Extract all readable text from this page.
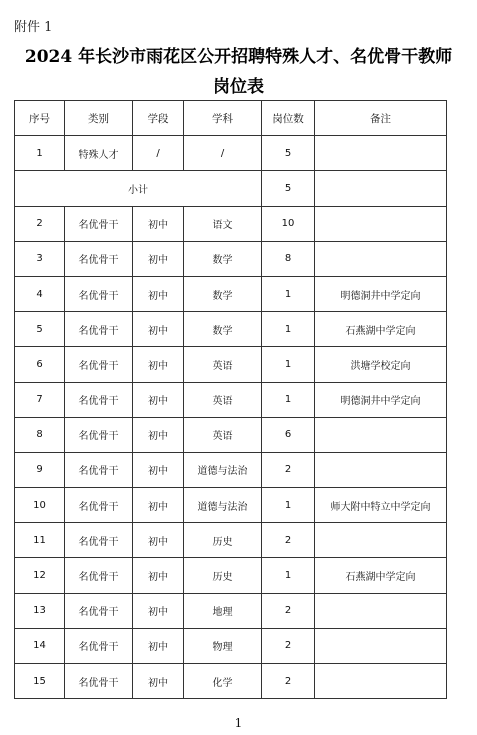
附件 1
2024 年长沙市雨花区公开招聘特殊人才、名优骨干教师
岗位表
序号	类别	学段	学科	岗位数	备注
1	特殊人才	/	/	5	
小计				5	
2	名优骨干	初中	语文	10	
3	名优骨干	初中	数学	8	
4	名优骨干	初中	数学	1	明德洞井中学定向
5	名优骨干	初中	数学	1	石燕湖中学定向
6	名优骨干	初中	英语	1	洪塘学校定向
7	名优骨干	初中	英语	1	明德洞井中学定向
8	名优骨干	初中	英语	6	
9	名优骨干	初中	道德与法治	2	
10	名优骨干	初中	道德与法治	1	师大附中特立中学定向
11	名优骨干	初中	历史	2	
12	名优骨干	初中	历史	1	石燕湖中学定向
13	名优骨干	初中	地理	2	
14	名优骨干	初中	物理	2	
15	名优骨干	初中	化学	2	
1
